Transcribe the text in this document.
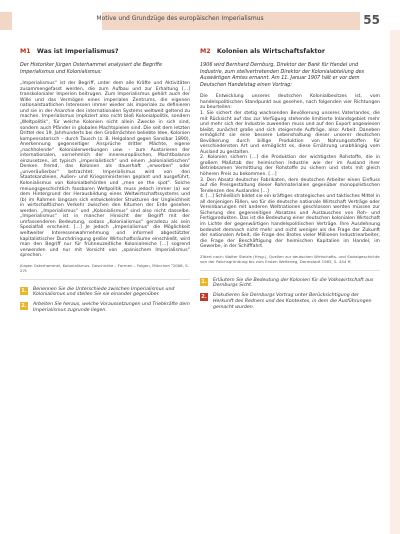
Motive und Grundzüge des europäischen Imperialismus	55
M1 Was ist Imperialismus?
Der Historiker Jürgen Osterhammel analysiert die Begriffe Imperialismus und Kolonialismus:
„Imperialismus“ ist der Begriff, unter dem alle Kräfte und Aktivitäten zusammengefasst werden, die zum Aufbau und zur Erhaltung […] transkolonialer Imperien beitrugen. Zum Imperialismus gehört auch der Wille und das Vermögen eines imperialen Zentrums, die eigenen nationalstaatlichen Interessen immer wieder als imperiale zu definieren und sie in der Anarchie des internationalen Systems weltweit geltend zu machen. Imperialismus impliziert also nicht bloß Kolonialpolitik, sondern „Weltpolitik“, für welche Kolonien nicht allein Zwecke in sich sind, sondern auch Pfänder in globalen Machtspielen sind. Die seit dem letzten Drittel des 19. Jahrhunderts bei den Großmächten beliebte Idee, Kolonien kompensatorisch – durch Tausch (z. B. Helgoland gegen Sansibar 1890), Anerkennung gegenseitiger Ansprüche dritter Mächte, eigene „nachholende“ Kolonialerwerbungen usw. – zum Austarieren der internationalen, vornehmlich der innereuropäischen, Machtbalance einzusetzen, ist typisch „imperialistisch“ und einem „kolonialistischen“ Denken fremd, das Kolonien als dauerhaft „erworben“ oder „unveräußerbar“ betrachtet. Imperialismus wird von den Staatskanzleien, Außen- und Kriegsministerien geplant und ausgeführt, Kolonialismus von Kolonialbehörden und „men on the spot“. Solche meiungsgeschichtlich fassbaren Weltpolitik muss jedoch immer (a) vor dem Hintergrund der Herausbildung eines Weltwirtschaftssystems und (b) im Rahmen langsam sich entwickelnder Strukturen der Ungleichheit in wirtschaftlichen Verkehr zwischen den Kitumen der Erde gesehen werden. „Imperialismus“ und „Kolonialismus“ sind also nicht dasselbe. „Imperialismus“ ist in mancher Hinsicht der Begriff mit der umfassenderen Bedeutung, sodass „Kolonialismus“ geradezu als sein Spezialfall erscheint. […] Je jedoch „Imperialismus“ die Möglichkeit weltweiter Interessenwahrnehmung und informell abgestützter kapitalistischer Durchdringung großer Wirtschaftsräume einschließt, wird man den Begriff nur für frühneuzeitliche Kolonialreiche […] sogrend verwenden und nur mit Vorsicht von „spanischem Imperialismus“ sprechen.
Jürgen Osterhammel, Kolonialismus. Geschichte – Formen – Folgen, München ⁵2006, S. 27f.
1. Benennen Sie die Unterschiede zwischen Imperialismus und Kolonialismus und stellen Sie sie einander gegenüber.
2. Arbeiten Sie heraus, welche Voraussetzungen und Triebkräfte dem Imperialismus zugrunde liegen.
M2 Kolonien als Wirtschaftsfaktor
1906 wird Bernhard Dernburg, Direktor der Bank für Handel und Industrie, zum stellvertretenden Direktor der Kolonialabteilung des Auswärtigen Amtes ernannt. Am 11. Januar 1907 hält er vor dem Deutschen Handelstag einen Vortrag:
Die Entwicklung unseres deutschen Kolonialbesitzes ist, vom handelspolitischen Standpunkt aus gesehen, nach folgenden vier Richtungen zu beurteilen:
1. Sie sichert der stetig wachsenden Bevölkerung unseres Vaterlandes, die mit Rücksicht auf das zur Verfügung stehende limitierte Inlandsgebiet mehr und mehr sich der Industrie zuwenden muss und auf den Export angewiesen bleibt, zunächst große und sich steigernde Aufträge, also: Arbeit. Daneben ermöglicht sie eine bessere Lebenshaltung dieser unserer deutschen Bevölkerung durch billige Produktion von Nahrungsstoffen für verschiedensten Art und ermöglicht es, diese Ernährung unabhängig vom Ausland zu gestalten.
2. Kolonien sichern […] die Produktion der wichtigsten Rohstoffe, die in großem Maßstab der heimischen Industrie wie der im Ausland ihrer Betriebsamen Vermittlung der Rohstoffe zu sichern und stets mit gleich höheren Preis zu bekommen. […]
3. Den Absatz deutscher Fabrikaten, dem deutschen Arbeiter einen Einfluss auf die Preisgestaltung dieser Rohmaterialien gegenüber monopolistischen Tendenzen des Auslandes […]
4. […] Schließlich bildet sie ein kräftiges strategisches und taktisches Mittel in all denjenigen Fällen, wo für die deutsche nationale Wirtschaft Verträge oder Vereinbarungen mit anderen Weltnationen geschlossen werden müssen zur Sicherung des gegenseitigen Absatzes und Austausches von Roh- und Fertigprodukten. Das ist die Bedeutung einer deutschen kolonialen Wirtschaft im Lichte der gegenwärtigen handelspolitischen Verträge. Ihre Ausdehnung bedeutet demnach nicht mehr und nicht weniger als die Frage der Zukunft der nationalen Arbeit, die Frage des Brotes vieler Millionen Industriearbeiter, die Frage der Beschäftigung der heimischen Kapitalien im Handel, im Gewerbe, in der Schifffahrt.
Zitiert nach: Walter Stelzle (Hrsg.), Quellen zur deutschen Wirtschafts- und Sozialgeschichte von der Reichsgründung bis zum Ersten Weltkrieg, Darmstadt 1985, S. 444 ff.
1. Erläutern Sie die Bedeutung der Kolonien für die Volkswirtschaft aus Dernburgs Sicht.
2. Diskutieren Sie Dernburgs Vortrag unter Berücksichtigung der Herkunft des Redners und des Kontextes, in dem die Ausführungen gemacht wurden.
